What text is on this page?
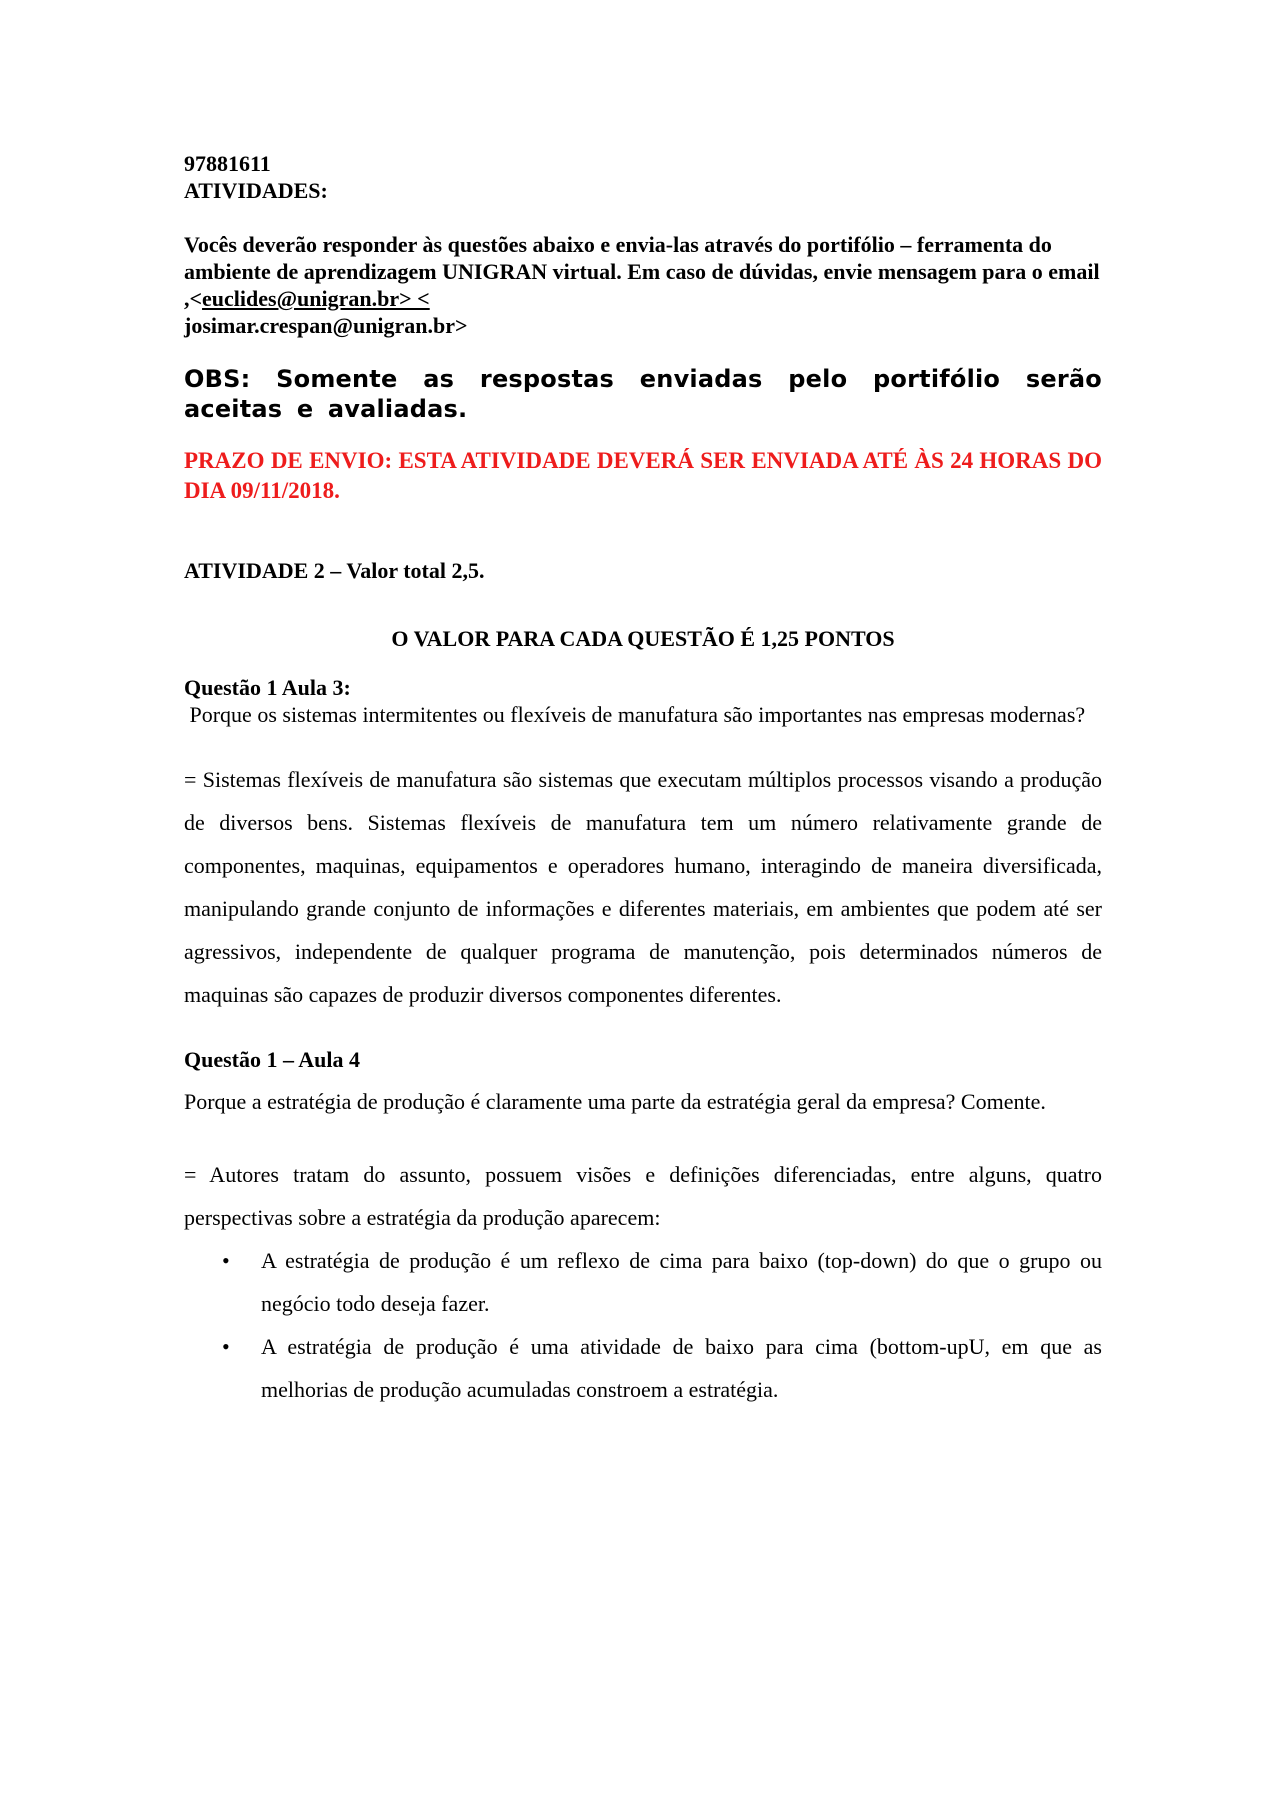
97881611
ATIVIDADES:

Vocês deverão responder às questões abaixo e envia-las através do portifólio – ferramenta do ambiente de aprendizagem UNIGRAN virtual. Em caso de dúvidas, envie mensagem para o email ,<euclides@unigran.br> <
josimar.crespan@unigran.br>

OBS: Somente as respostas enviadas pelo portifólio serão aceitas e avaliadas.

PRAZO DE ENVIO: ESTA ATIVIDADE DEVERÁ SER ENVIADA ATÉ ÀS 24 HORAS DO DIA 09/11/2018.

ATIVIDADE 2 – Valor total 2,5.

O VALOR PARA CADA QUESTÃO É 1,25 PONTOS

Questão 1 Aula 3:

Porque os sistemas intermitentes ou flexíveis de manufatura são importantes nas empresas modernas?

= Sistemas flexíveis de manufatura são sistemas que executam múltiplos processos visando a produção de diversos bens. Sistemas flexíveis de manufatura tem um número relativamente grande de componentes, maquinas, equipamentos e operadores humano, interagindo de maneira diversificada, manipulando grande conjunto de informações e diferentes materiais, em ambientes que podem até ser agressivos, independente de qualquer programa de manutenção, pois determinados números de maquinas são capazes de produzir diversos componentes diferentes.

Questão 1 – Aula 4

Porque a estratégia de produção é claramente uma parte da estratégia geral da empresa? Comente.

= Autores tratam do assunto, possuem visões e definições diferenciadas, entre alguns, quatro perspectivas sobre a estratégia da produção aparecem:

• A estratégia de produção é um reflexo de cima para baixo (top-down) do que o grupo ou negócio todo deseja fazer.
• A estratégia de produção é uma atividade de baixo para cima (bottom-upU, em que as melhorias de produção acumuladas constroem a estratégia.
